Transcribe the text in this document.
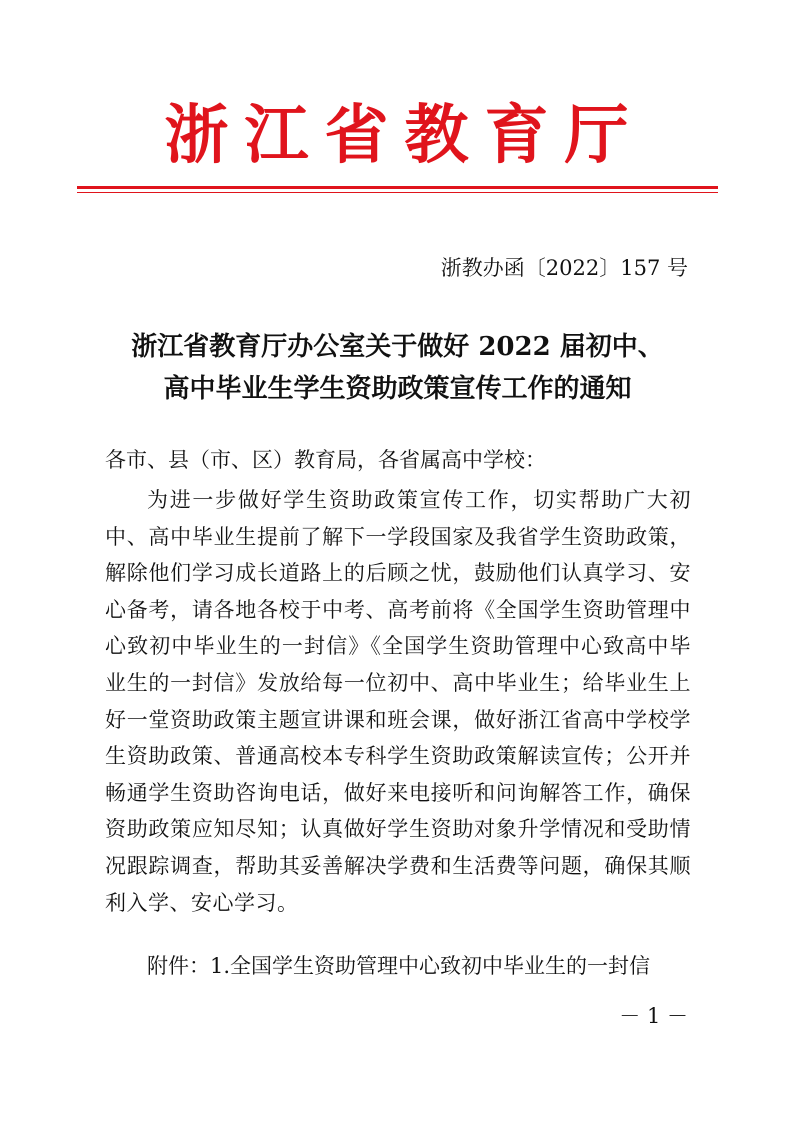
浙江省教育厅
浙教办函〔2022〕157 号
浙江省教育厅办公室关于做好 2022 届初中、
高中毕业生学生资助政策宣传工作的通知
各市、县（市、区）教育局，各省属高中学校：
为进一步做好学生资助政策宣传工作，切实帮助广大初中、高中毕业生提前了解下一学段国家及我省学生资助政策，解除他们学习成长道路上的后顾之忧，鼓励他们认真学习、安心备考，请各地各校于中考、高考前将《全国学生资助管理中心致初中毕业生的一封信》《全国学生资助管理中心致高中毕业生的一封信》发放给每一位初中、高中毕业生；给毕业生上好一堂资助政策主题宣讲课和班会课，做好浙江省高中学校学生资助政策、普通高校本专科学生资助政策解读宣传；公开并畅通学生资助咨询电话，做好来电接听和问询解答工作，确保资助政策应知尽知；认真做好学生资助对象升学情况和受助情况跟踪调查，帮助其妥善解决学费和生活费等问题，确保其顺利入学、安心学习。
附件：1.全国学生资助管理中心致初中毕业生的一封信
－ 1 －
